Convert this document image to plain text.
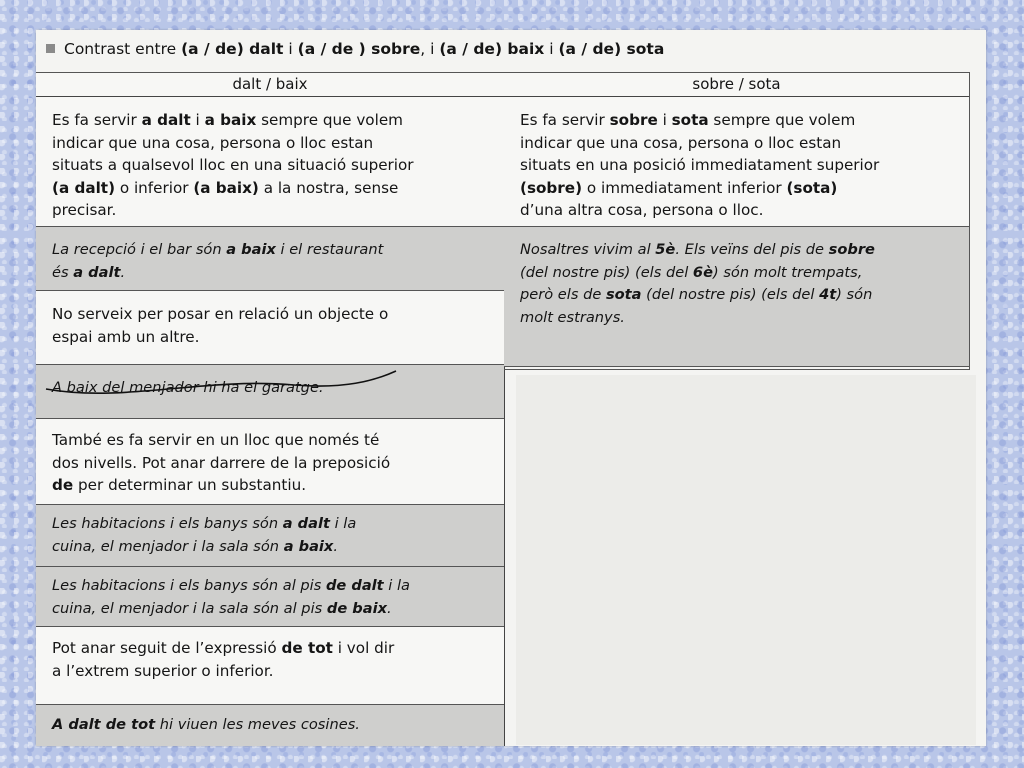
Contrast entre (a / de) dalt i (a / de ) sobre, i (a / de) baix i (a / de) sota
dalt / baix
Es fa servir a dalt i a baix sempre que volem
indicar que una cosa, persona o lloc estan
situats a qualsevol lloc en una situació superior
(a dalt) o inferior (a baix) a la nostra, sense
precisar.
La recepció i el bar són a baix i el restaurant
és a dalt.
No serveix per posar en relació un objecte o
espai amb un altre.
A baix del menjador hi ha el garatge.
També es fa servir en un lloc que només té
dos nivells. Pot anar darrere de la preposició
de per determinar un substantiu.
Les habitacions i els banys són a dalt i la
cuina, el menjador i la sala són a baix.
Les habitacions i els banys són al pis de dalt i la
cuina, el menjador i la sala són al pis de baix.
Pot anar seguit de l’expressió de tot i vol dir
a l’extrem superior o inferior.
A dalt de tot hi viuen les meves cosines.
sobre / sota
Es fa servir sobre i sota sempre que volem
indicar que una cosa, persona o lloc estan
situats en una posició immediatament superior
(sobre) o immediatament inferior (sota)
d’una altra cosa, persona o lloc.
Nosaltres vivim al 5è. Els veïns del pis de sobre
(del nostre pis) (els del 6è) són molt trempats,
però els de sota (del nostre pis) (els del 4t) són
molt estranys.
